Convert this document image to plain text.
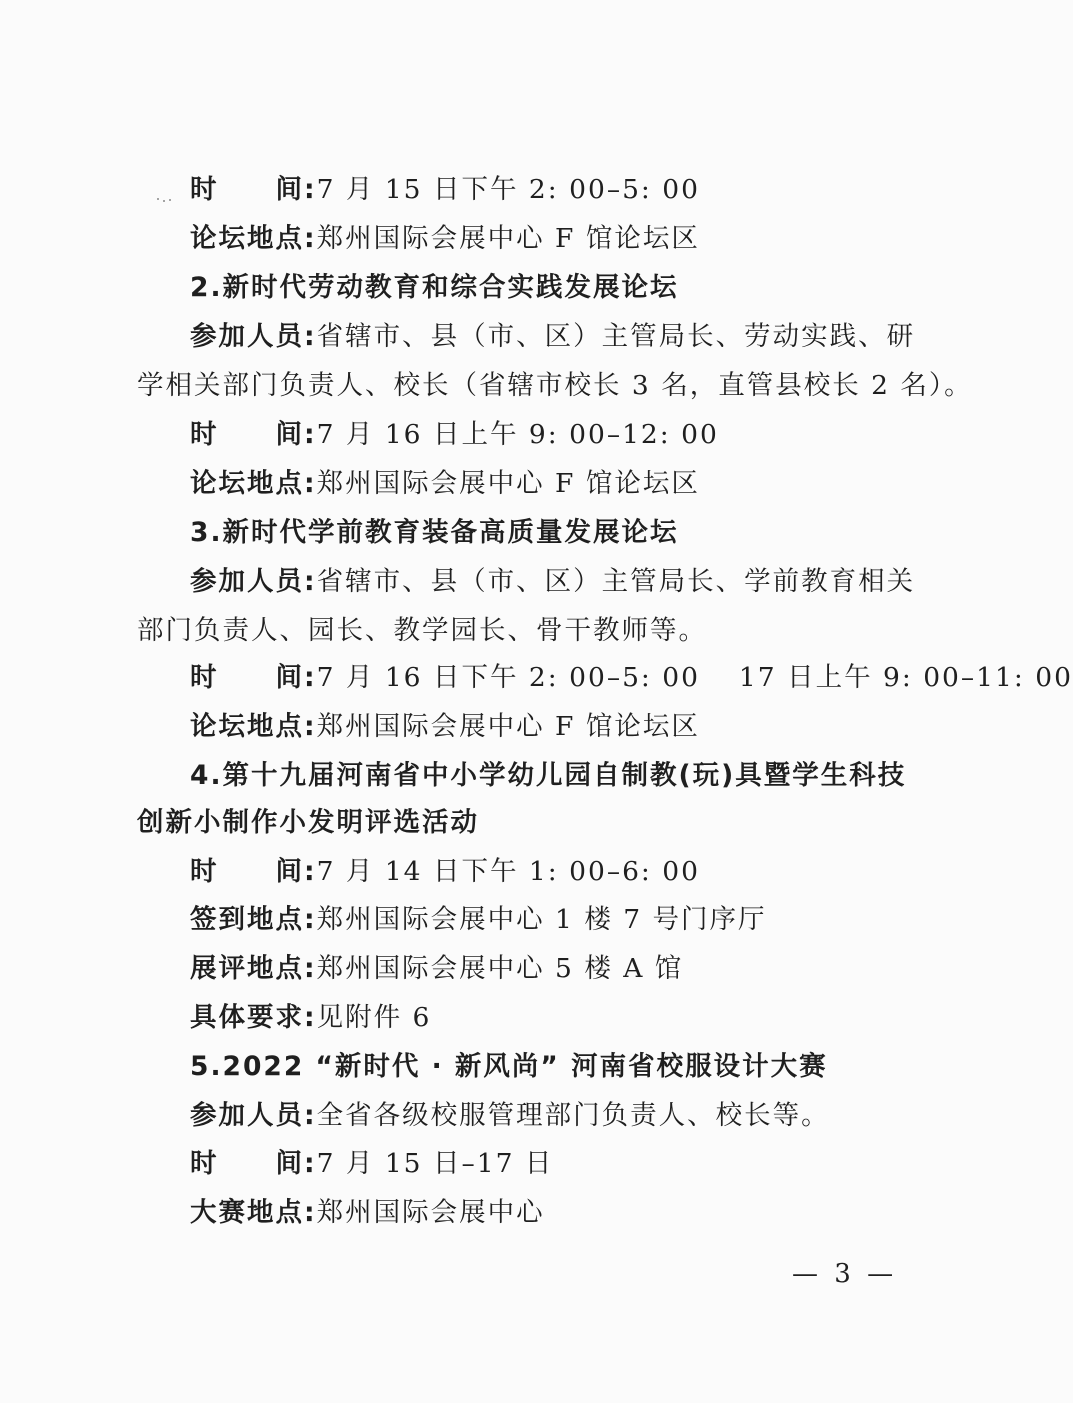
时　　间:7 月 15 日下午 2: 00–5: 00
论坛地点:郑州国际会展中心 F 馆论坛区
2.新时代劳动教育和综合实践发展论坛
参加人员:省辖市、县（市、区）主管局长、劳动实践、研
学相关部门负责人、校长（省辖市校长 3 名，直管县校长 2 名）。
时　　间:7 月 16 日上午 9: 00–12: 00
论坛地点:郑州国际会展中心 F 馆论坛区
3.新时代学前教育装备高质量发展论坛
参加人员:省辖市、县（市、区）主管局长、学前教育相关
部门负责人、园长、教学园长、骨干教师等。
时　　间:7 月 16 日下午 2: 00–5: 00　 17 日上午 9: 00–11: 00
论坛地点:郑州国际会展中心 F 馆论坛区
4.第十九届河南省中小学幼儿园自制教(玩)具暨学生科技
创新小制作小发明评选活动
时　　间:7 月 14 日下午 1: 00–6: 00
签到地点:郑州国际会展中心 1 楼 7 号门序厅
展评地点:郑州国际会展中心 5 楼 A 馆
具体要求:见附件 6
5.2022 “新时代 · 新风尚” 河南省校服设计大赛
参加人员:全省各级校服管理部门负责人、校长等。
时　　间:7 月 15 日–17 日
大赛地点:郑州国际会展中心
— 3 —
